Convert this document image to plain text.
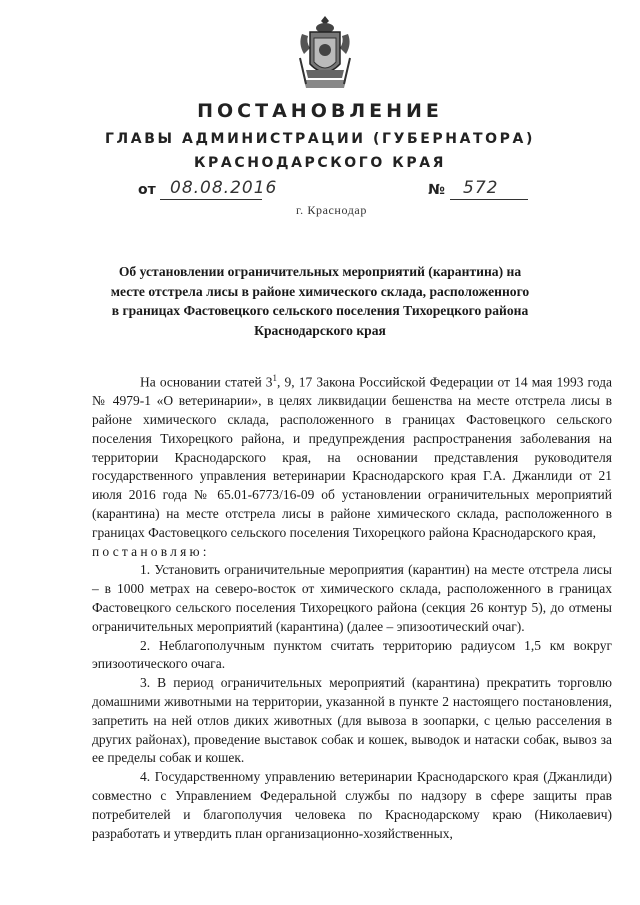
ПОСТАНОВЛЕНИЕ
ГЛАВЫ АДМИНИСТРАЦИИ (ГУБЕРНАТОРА)
КРАСНОДАРСКОГО КРАЯ
от 08.08.2016	№ 572
г. Краснодар
Об установлении ограничительных мероприятий (карантина) на месте отстрела лисы в районе химического склада, расположенного в границах Фастовецкого сельского поселения Тихорецкого района Краснодарского края

На основании статей $3^1$, 9, 17 Закона Российской Федерации от 14 мая 1993 года № 4979-1 «О ветеринарии», в целях ликвидации бешенства на месте отстрела лисы в районе химического склада, расположенного в границах Фастовецкого сельского поселения Тихорецкого района, и предупреждения распространения заболевания на территории Краснодарского края, на основании представления руководителя государственного управления ветеринарии Краснодарского края Г.А. Джанлиди от 21 июля 2016 года № 65.01-6773/16-09 об установлении ограничительных мероприятий (карантина) на месте отстрела лисы в районе химического склада, расположенного в границах Фастовецкого сельского поселения Тихорецкого района Краснодарского края,

постановляю:

1. Установить ограничительные мероприятия (карантин) на месте отстрела лисы – в 1000 метрах на северо-восток от химического склада, расположенного в границах Фастовецкого сельского поселения Тихорецкого района (секция 26 контур 5), до отмены ограничительных мероприятий (карантина) (далее – эпизоотический очаг).

2. Неблагополучным пунктом считать территорию радиусом 1,5 км вокруг эпизоотического очага.

3. В период ограничительных мероприятий (карантина) прекратить торговлю домашними животными на территории, указанной в пункте 2 настоящего постановления, запретить на ней отлов диких животных (для вывоза в зоопарки, с целью расселения в других районах), проведение выставок собак и кошек, выводок и натаски собак, вывоз за ее пределы собак и кошек.

4. Государственному управлению ветеринарии Краснодарского края (Джанлиди) совместно с Управлением Федеральной службы по надзору в сфере защиты прав потребителей и благополучия человека по Краснодарскому краю (Николаевич) разработать и утвердить план организационно-хозяйственных,
